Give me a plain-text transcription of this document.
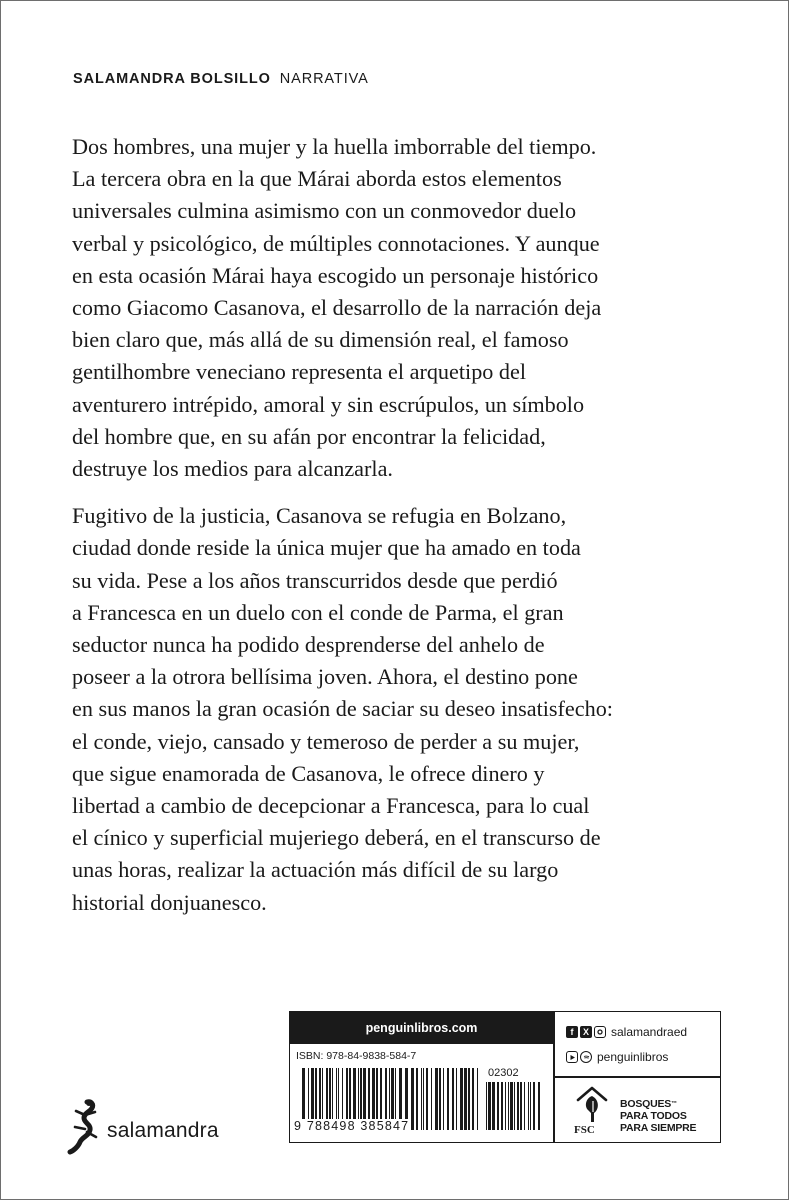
SALAMANDRA BOLSILLO NARRATIVA

Dos hombres, una mujer y la huella imborrable del tiempo.
La tercera obra en la que Márai aborda estos elementos
universales culmina asimismo con un conmovedor duelo
verbal y psicológico, de múltiples connotaciones. Y aunque
en esta ocasión Márai haya escogido un personaje histórico
como Giacomo Casanova, el desarrollo de la narración deja
bien claro que, más allá de su dimensión real, el famoso
gentilhombre veneciano representa el arquetipo del
aventurero intrépido, amoral y sin escrúpulos, un símbolo
del hombre que, en su afán por encontrar la felicidad,
destruye los medios para alcanzarla.

Fugitivo de la justicia, Casanova se refugia en Bolzano,
ciudad donde reside la única mujer que ha amado en toda
su vida. Pese a los años transcurridos desde que perdió
a Francesca en un duelo con el conde de Parma, el gran
seductor nunca ha podido desprenderse del anhelo de
poseer a la otrora bellísima joven. Ahora, el destino pone
en sus manos la gran ocasión de saciar su deseo insatisfecho:
el conde, viejo, cansado y temeroso de perder a su mujer,
que sigue enamorada de Casanova, le ofrece dinero y
libertad a cambio de decepcionar a Francesca, para lo cual
el cínico y superficial mujeriego deberá, en el transcurso de
unas horas, realizar la actuación más difícil de su largo
historial donjuanesco.

salamandra
penguinlibros.com
ISBN: 978-84-9838-584-7
02302
9 788498 385847
f	X salamandraed
penguinlibros
FSC
BOSQUES™
PARA TODOS
PARA SIEMPRE
